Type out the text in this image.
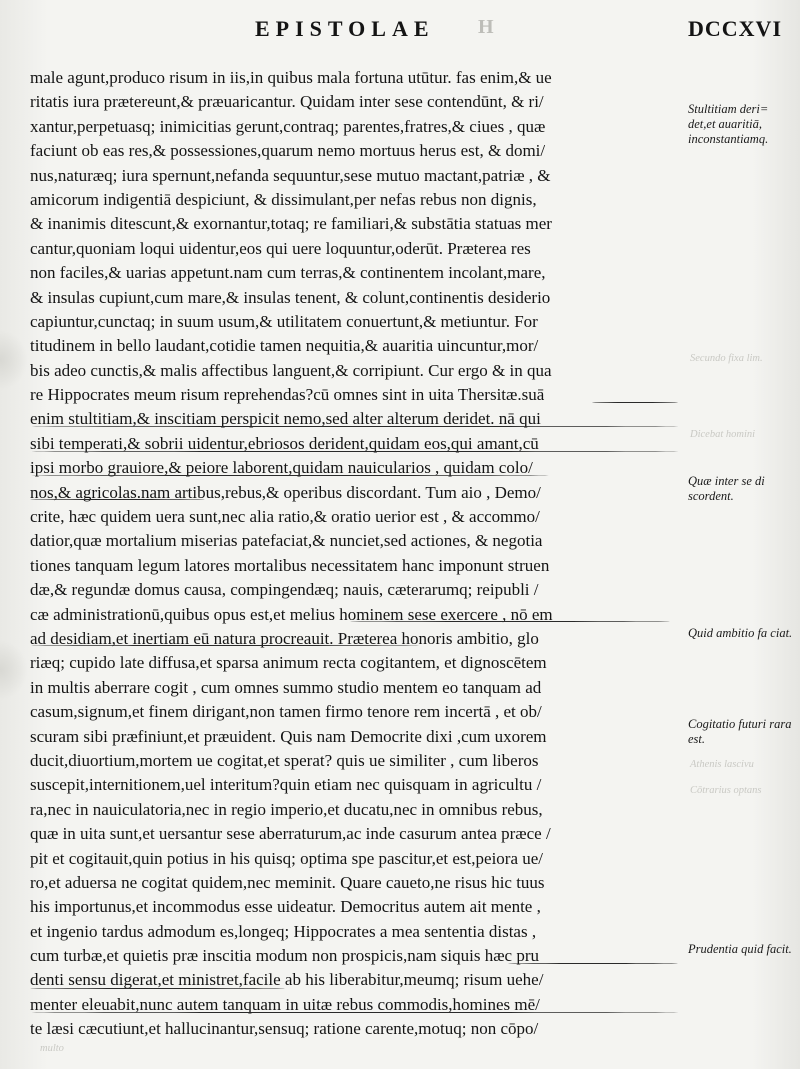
EPISTOLAE H	DCCXVI
male agunt,produco risum in iis,in quibus mala fortuna utūtur. fas enim,& ue
ritatis iura prætereunt,& præuaricantur. Quidam inter sese contendūnt, & ri/
xantur,perpetuasq; inimicitias gerunt,contraq; parentes,fratres,& ciues , quæ
faciunt ob eas res,& possessiones,quarum nemo mortuus herus est, & domi/
nus,naturæq; iura spernunt,nefanda sequuntur,sese mutuo mactant,patriæ , &
amicorum indigentiā despiciunt, & dissimulant,per nefas rebus non dignis,
& inanimis ditescunt,& exornantur,totaq; re familiari,& substātia statuas mer
cantur,quoniam loqui uidentur,eos qui uere loquuntur,oderūt. Præterea res
non faciles,& uarias appetunt.nam cum terras,& continentem incolant,mare,
& insulas cupiunt,cum mare,& insulas tenent, & colunt,continentis desiderio
capiuntur,cunctaq; in suum usum,& utilitatem conuertunt,& metiuntur. For
titudinem in bello laudant,cotidie tamen nequitia,& auaritia uincuntur,mor/
bis adeo cunctis,& malis affectibus languent,& corripiunt. Cur ergo & in qua
re Hippocrates meum risum reprehendas?cū omnes sint in uita Thersitæ.suā
enim stultitiam,& inscitiam perspicit nemo,sed alter alterum deridet. nā qui
sibi temperati,& sobrii uidentur,ebriosos derident,quidam eos,qui amant,cū
ipsi morbo grauiore,& peiore laborent,quidam nauicularios , quidam colo/
nos,& agricolas.nam artibus,rebus,& operibus discordant. Tum aio , Demo/
crite, hæc quidem uera sunt,nec alia ratio,& oratio uerior est , & accommo/
datior,quæ mortalium miserias patefaciat,& nunciet,sed actiones, & negotia
tiones tanquam legum latores mortalibus necessitatem hanc imponunt struen
dæ,& regundæ domus causa, compingendæq; nauis, cæterarumq; reipubli /
cæ administrationū,quibus opus est,et melius hominem sese exercere , nō em
ad desidiam,et inertiam eū natura procreauit. Præterea honoris ambitio, glo
riæq; cupido late diffusa,et sparsa animum recta cogitantem, et dignoscētem
in multis aberrare cogit , cum omnes summo studio mentem eo tanquam ad
casum,signum,et finem dirigant,non tamen firmo tenore rem incertā , et ob/
scuram sibi præfiniunt,et præuident. Quis nam Democrite dixi ,cum uxorem
ducit,diuortium,mortem ue cogitat,et sperat? quis ue similiter , cum liberos
suscepit,internitionem,uel interitum?quin etiam nec quisquam in agricultu /
ra,nec in nauiculatoria,nec in regio imperio,et ducatu,nec in omnibus rebus,
quæ in uita sunt,et uersantur sese aberraturum,ac inde casurum antea præce /
pit et cogitauit,quin potius in his quisq; optima spe pascitur,et est,peiora ue/
ro,et aduersa ne cogitat quidem,nec meminit. Quare caueto,ne risus hic tuus
his importunus,et incommodus esse uideatur. Democritus autem ait mente ,
et ingenio tardus admodum es,longeq; Hippocrates a mea sententia distas ,
cum turbæ,et quietis præ inscitia modum non prospicis,nam siquis hæc pru
denti sensu digerat,et ministret,facile ab his liberabitur,meumq; risum uehe/
menter eleuabit,nunc autem tanquam in uitæ rebus commodis,homines mē/
te læsi cæcutiunt,et hallucinantur,sensuq; ratione carente,motuq; non cōpo/
Stultitiam deri= det,et auaritiā, inconstantiamq.
Quæ inter se di scordent.
Quid ambitio fa ciat.
Cogitatio futuri rara est.
Prudentia quid facit.
Secundo fixa lim.
Dicebat homini
Athenis lascivu
Cōtrarius optans
multo
